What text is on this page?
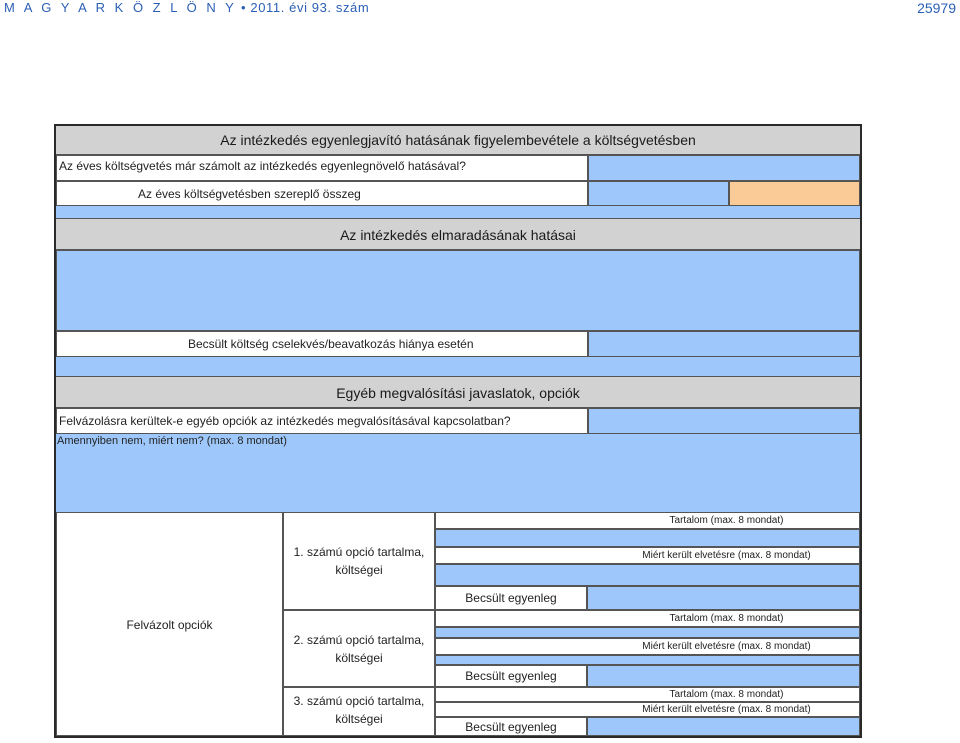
M A G Y A R K Ö Z L Ö N Y • 2011. évi 93. szám	25979
Az intézkedés egyenlegjavító hatásának figyelembevétele a költségvetésben
Az éves költségvetés már számolt az intézkedés egyenlegnövelő hatásával?
Az éves költségvetésben szereplő összeg
Az intézkedés elmaradásának hatásai
Becsült költség cselekvés/beavatkozás hiánya esetén
Egyéb megvalósítási javaslatok, opciók
Felvázolásra kerültek-e egyéb opciók az intézkedés megvalósításával kapcsolatban?
Amennyiben nem, miért nem? (max. 8 mondat)
Felvázolt opciók
1. számú opció tartalma, költségei
Tartalom (max. 8 mondat)
Miért került elvetésre (max. 8 mondat)
Becsült egyenleg
2. számú opció tartalma, költségei
Tartalom (max. 8 mondat)
Miért került elvetésre (max. 8 mondat)
Becsült egyenleg
3. számú opció tartalma, költségei
Tartalom (max. 8 mondat)
Miért került elvetésre (max. 8 mondat)
Becsült egyenleg
